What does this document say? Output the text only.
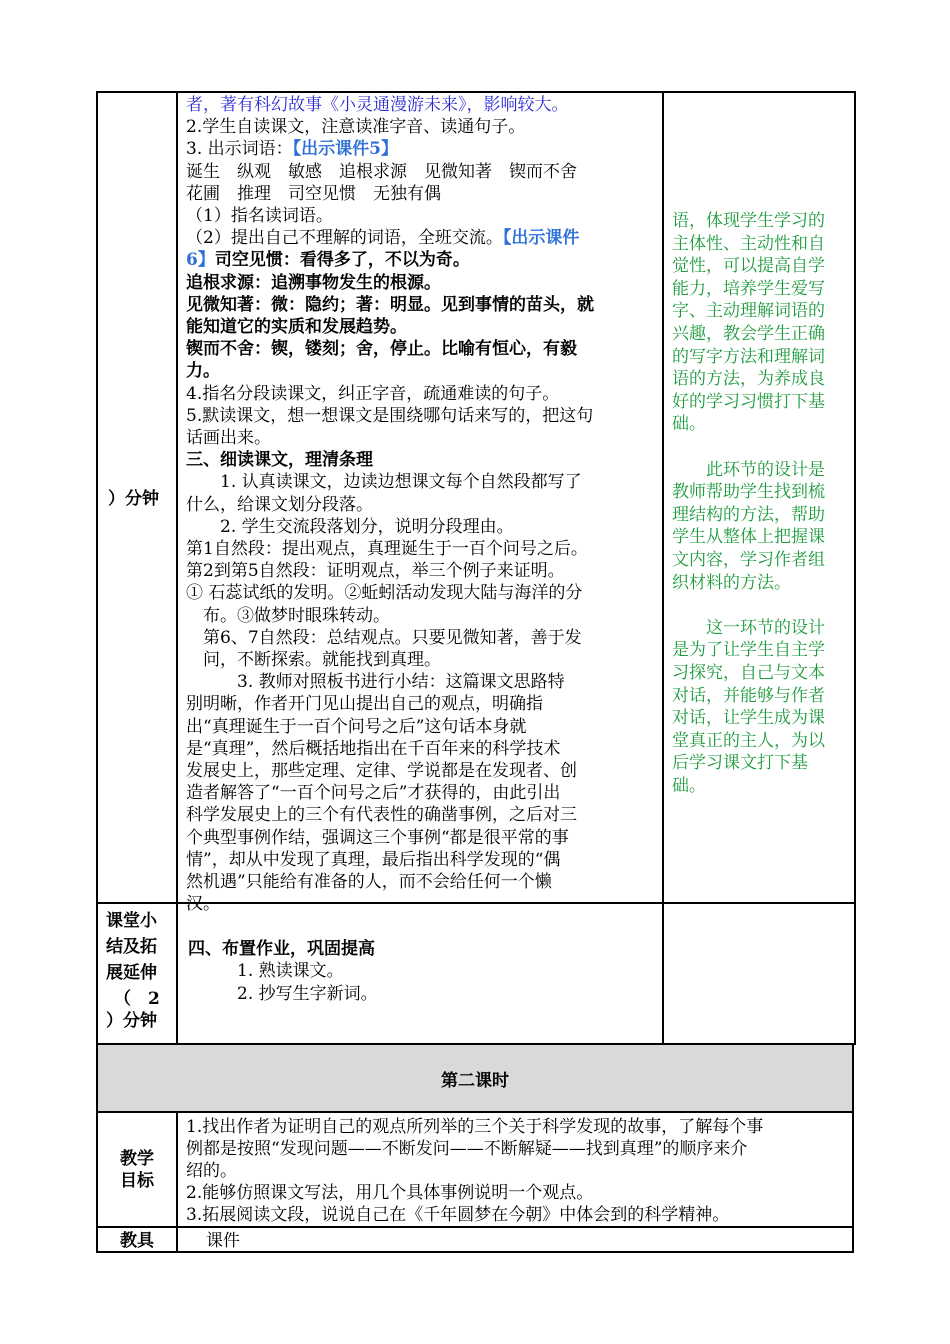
）分钟
者，著有科幻故事《小灵通漫游未来》，影响较大。
2.学生自读课文，注意读准字音、读通句子。
3. 出示词语：【出示课件5】
诞生　纵观　敏感　追根求源　见微知著　锲而不舍
花圃　推理　司空见惯　无独有偶
（1）指名读词语。
（2）提出自己不理解的词语，全班交流。【出示课件
6】司空见惯：看得多了，不以为奇。
追根求源：追溯事物发生的根源。
见微知著：微：隐约；著：明显。见到事情的苗头，就
能知道它的实质和发展趋势。
锲而不舍：锲，镂刻；舍，停止。比喻有恒心，有毅
力。
4.指名分段读课文，纠正字音，疏通难读的句子。
5.默读课文，想一想课文是围绕哪句话来写的，把这句
话画出来。
三、细读课文，理清条理
　　1. 认真读课文，边读边想课文每个自然段都写了
什么，给课文划分段落。
　　2. 学生交流段落划分，说明分段理由。
第1自然段：提出观点，真理诞生于一百个问号之后。
第2到第5自然段：证明观点，举三个例子来证明。
① 石蕊试纸的发明。②蚯蚓活动发现大陆与海洋的分
　布。③做梦时眼珠转动。
　第6、7自然段：总结观点。只要见微知著，善于发
　问，不断探索。就能找到真理。
　　　3. 教师对照板书进行小结：这篇课文思路特
别明晰，作者开门见山提出自己的观点，明确指
出“真理诞生于一百个问号之后”这句话本身就
是“真理”，然后概括地指出在千百年来的科学技术
发展史上，那些定理、定律、学说都是在发现者、创
造者解答了“一百个问号之后”才获得的，由此引出
科学发展史上的三个有代表性的确凿事例，之后对三
个典型事例作结，强调这三个事例“都是很平常的事
情”，却从中发现了真理，最后指出科学发现的“偶
然机遇”只能给有准备的人，而不会给任何一个懒
汉。
语，体现学生学习的
主体性、主动性和自
觉性，可以提高自学
能力，培养学生爱写
字、主动理解词语的
兴趣，教会学生正确
的写字方法和理解词
语的方法，为养成良
好的学习习惯打下基
础。
　　此环节的设计是
教师帮助学生找到梳
理结构的方法，帮助
学生从整体上把握课
文内容，学习作者组
织材料的方法。
　　这一环节的设计
是为了让学生自主学
习探究，自己与文本
对话，并能够与作者
对话，让学生成为课
堂真正的主人，为以
后学习课文打下基
础。
课堂小
结及拓
展延伸
（　2
）分钟
四、布置作业，巩固提高
　1. 熟读课文。
　2. 抄写生字新词。
第二课时
教学
目标
1.找出作者为证明自己的观点所列举的三个关于科学发现的故事，了解每个事
例都是按照“发现问题——不断发问——不断解疑——找到真理”的顺序来介
绍的。
2.能够仿照课文写法，用几个具体事例说明一个观点。
3.拓展阅读文段，说说自己在《千年圆梦在今朝》中体会到的科学精神。
教具	课件
